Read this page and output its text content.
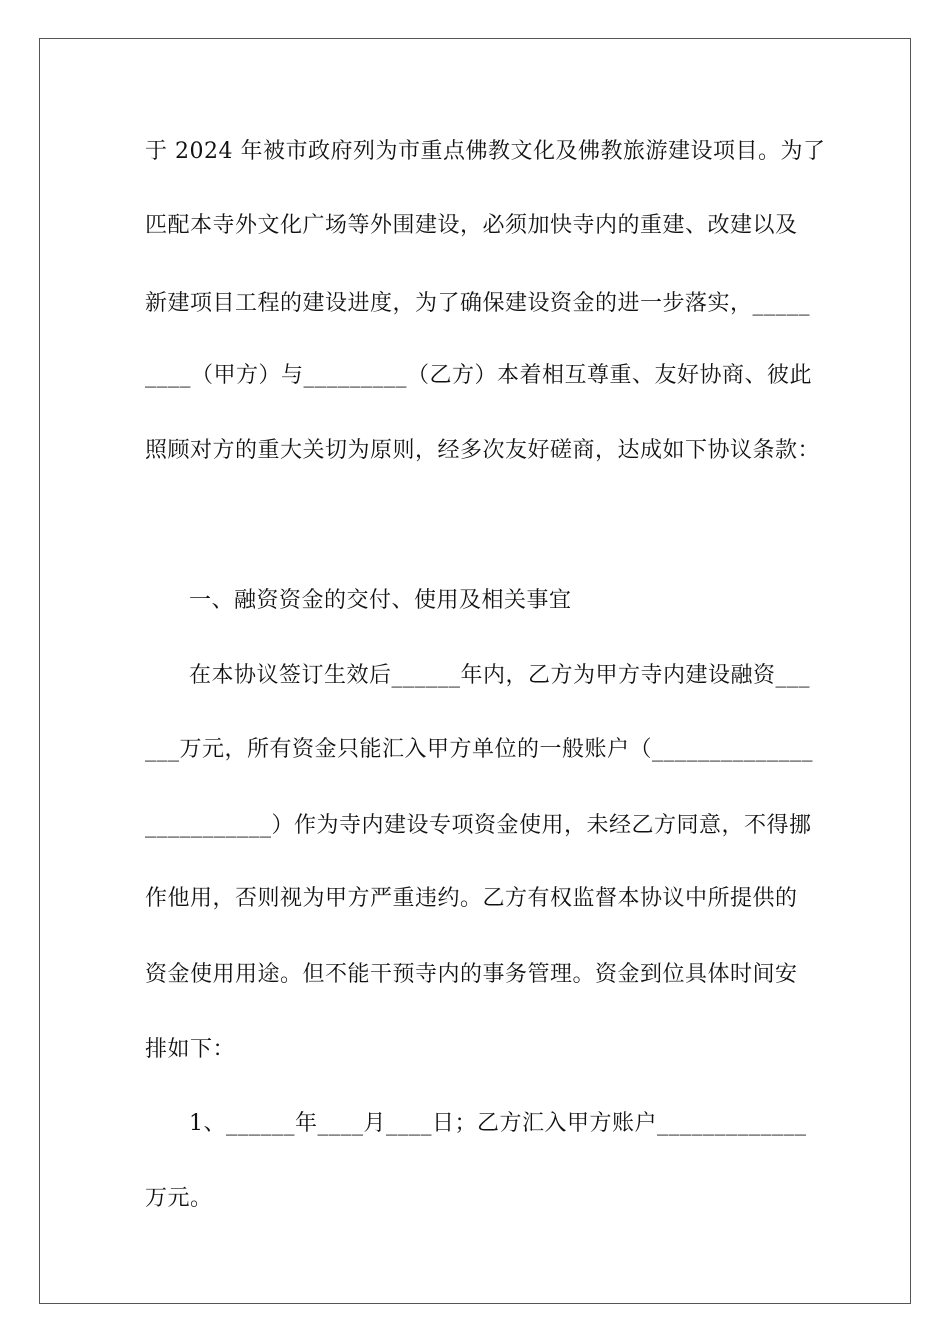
于 2024 年被市政府列为市重点佛教文化及佛教旅游建设项目。为了
匹配本寺外文化广场等外围建设，必须加快寺内的重建、改建以及
新建项目工程的建设进度，为了确保建设资金的进一步落实，_____
____（甲方）与_________（乙方）本着相互尊重、友好协商、彼此
照顾对方的重大关切为原则，经多次友好磋商，达成如下协议条款：
一、融资资金的交付、使用及相关事宜
在本协议签订生效后______年内，乙方为甲方寺内建设融资___
___万元，所有资金只能汇入甲方单位的一般账户（______________
___________）作为寺内建设专项资金使用，未经乙方同意，不得挪
作他用，否则视为甲方严重违约。乙方有权监督本协议中所提供的
资金使用用途。但不能干预寺内的事务管理。资金到位具体时间安
排如下：
1、______年____月____日；乙方汇入甲方账户_____________
万元。
